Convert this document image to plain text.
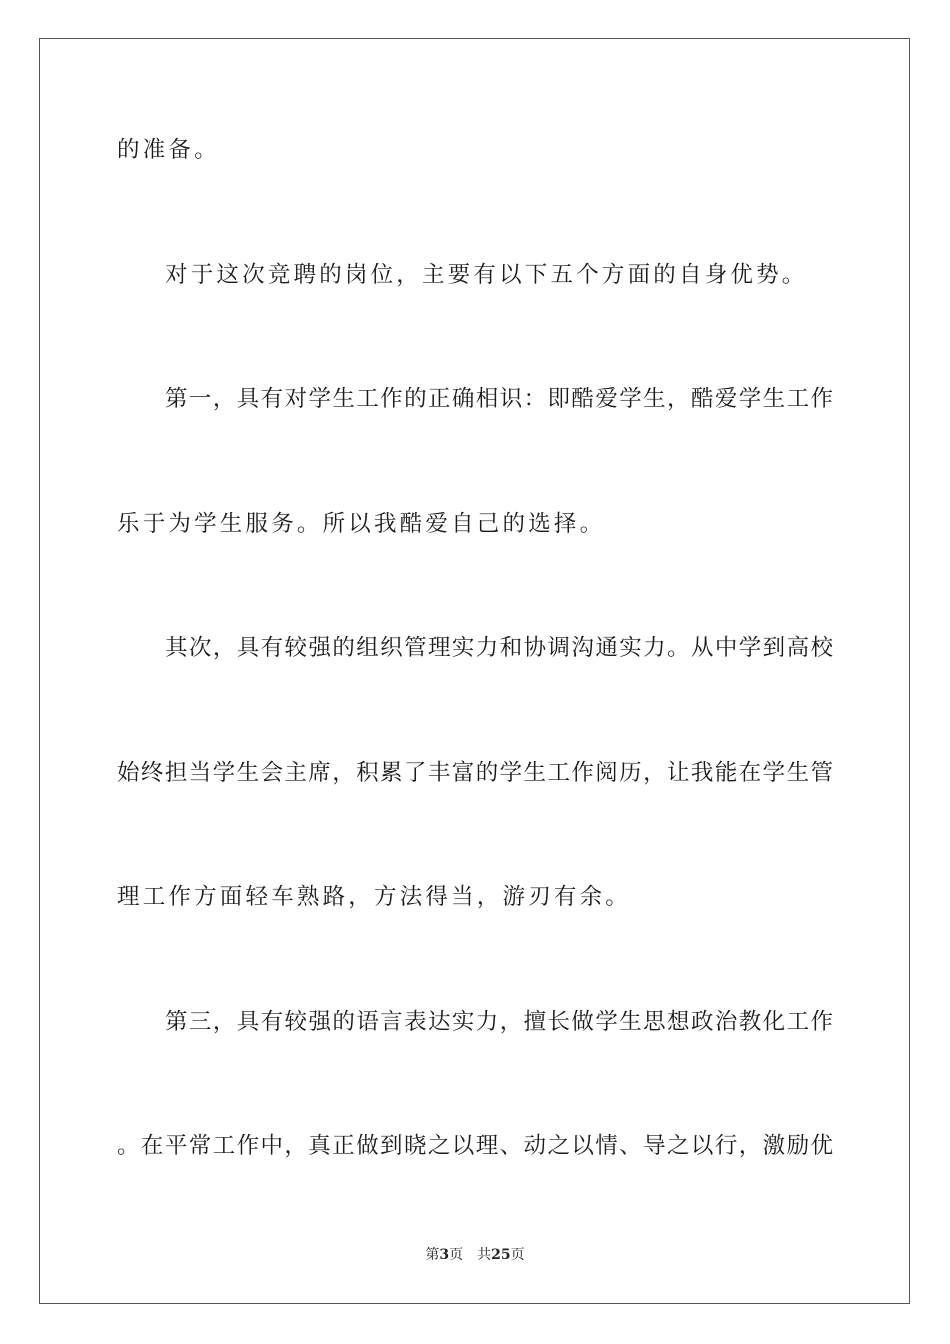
的准备。
对于这次竞聘的岗位，主要有以下五个方面的自身优势。
第一，具有对学生工作的正确相识：即酷爱学生，酷爱学生工作
乐于为学生服务。所以我酷爱自己的选择。
其次，具有较强的组织管理实力和协调沟通实力。从中学到高校
始终担当学生会主席，积累了丰富的学生工作阅历，让我能在学生管
理工作方面轻车熟路，方法得当，游刃有余。
第三，具有较强的语言表达实力，擅长做学生思想政治教化工作
。在平常工作中，真正做到晓之以理、动之以情、导之以行，激励优
第3页 共25页
